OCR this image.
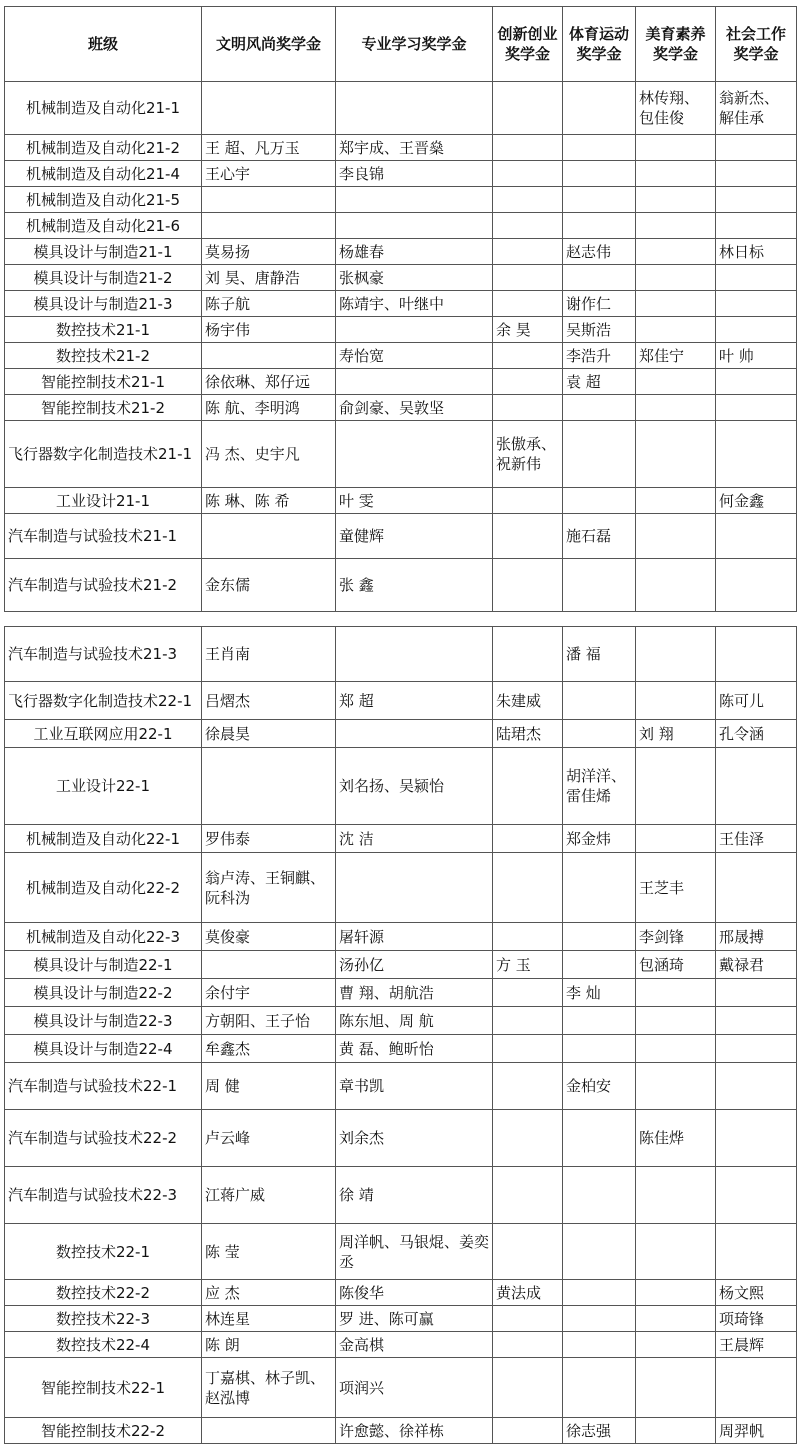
班级	文明风尚奖学金	专业学习奖学金	创新创业奖学金	体育运动奖学金	美育素养奖学金	社会工作奖学金
机械制造及自动化21-1					林传翔、包佳俊	翁新杰、解佳承
机械制造及自动化21-2	王 超、凡万玉	郑宇成、王晋燊				
机械制造及自动化21-4	王心宇	李良锦				
机械制造及自动化21-5						
机械制造及自动化21-6						
模具设计与制造21-1	莫易扬	杨雄春		赵志伟		林日标
模具设计与制造21-2	刘 昊、唐静浩	张枫豪				
模具设计与制造21-3	陈子航	陈靖宇、叶继中		谢作仁		
数控技术21-1	杨宇伟		余 昊	吴斯浩		
数控技术21-2		寿怡宽		李浩升	郑佳宁	叶 帅
智能控制技术21-1	徐依琳、郑仔远			袁 超		
智能控制技术21-2	陈 航、李明鸿	俞剑豪、吴敦坚				
飞行器数字化制造技术21-1	冯 杰、史宇凡		张傲承、祝新伟			
工业设计21-1	陈 琳、陈 希	叶 雯				何金鑫
汽车制造与试验技术21-1		童健辉		施石磊		
汽车制造与试验技术21-2	金东儒	张 鑫				
汽车制造与试验技术21-3	王肖南			潘 福		
飞行器数字化制造技术22-1	吕熠杰	郑 超	朱建威			陈可儿
工业互联网应用22-1	徐晨昊		陆珺杰		刘 翔	孔令涵
工业设计22-1		刘名扬、吴颍怡		胡洋洋、雷佳烯		
机械制造及自动化22-1	罗伟泰	沈 洁		郑金炜		王佳泽
机械制造及自动化22-2	翁卢涛、王铜麒、阮科沩				王芝丰	
机械制造及自动化22-3	莫俊豪	屠轩源			李剑锋	邢晟搏
模具设计与制造22-1		汤孙亿	方 玉		包涵琦	戴禄君
模具设计与制造22-2	余付宇	曹 翔、胡航浩		李 灿		
模具设计与制造22-3	方朝阳、王子怡	陈东旭、周 航				
模具设计与制造22-4	牟鑫杰	黄 磊、鲍昕怡				
汽车制造与试验技术22-1	周 健	章书凯		金柏安		
汽车制造与试验技术22-2	卢云峰	刘余杰			陈佳烨	
汽车制造与试验技术22-3	江蒋广威	徐 靖				
数控技术22-1	陈 莹	周洋帆、马银焜、姜奕丞				
数控技术22-2	应 杰	陈俊华	黄法成			杨文熙
数控技术22-3	林连星	罗 进、陈可赢				项琦锋
数控技术22-4	陈 朗	金高棋				王晨辉
智能控制技术22-1	丁嘉棋、林子凯、赵泓博	项润兴				
智能控制技术22-2		许愈懿、徐祥栋		徐志强		周羿帆
